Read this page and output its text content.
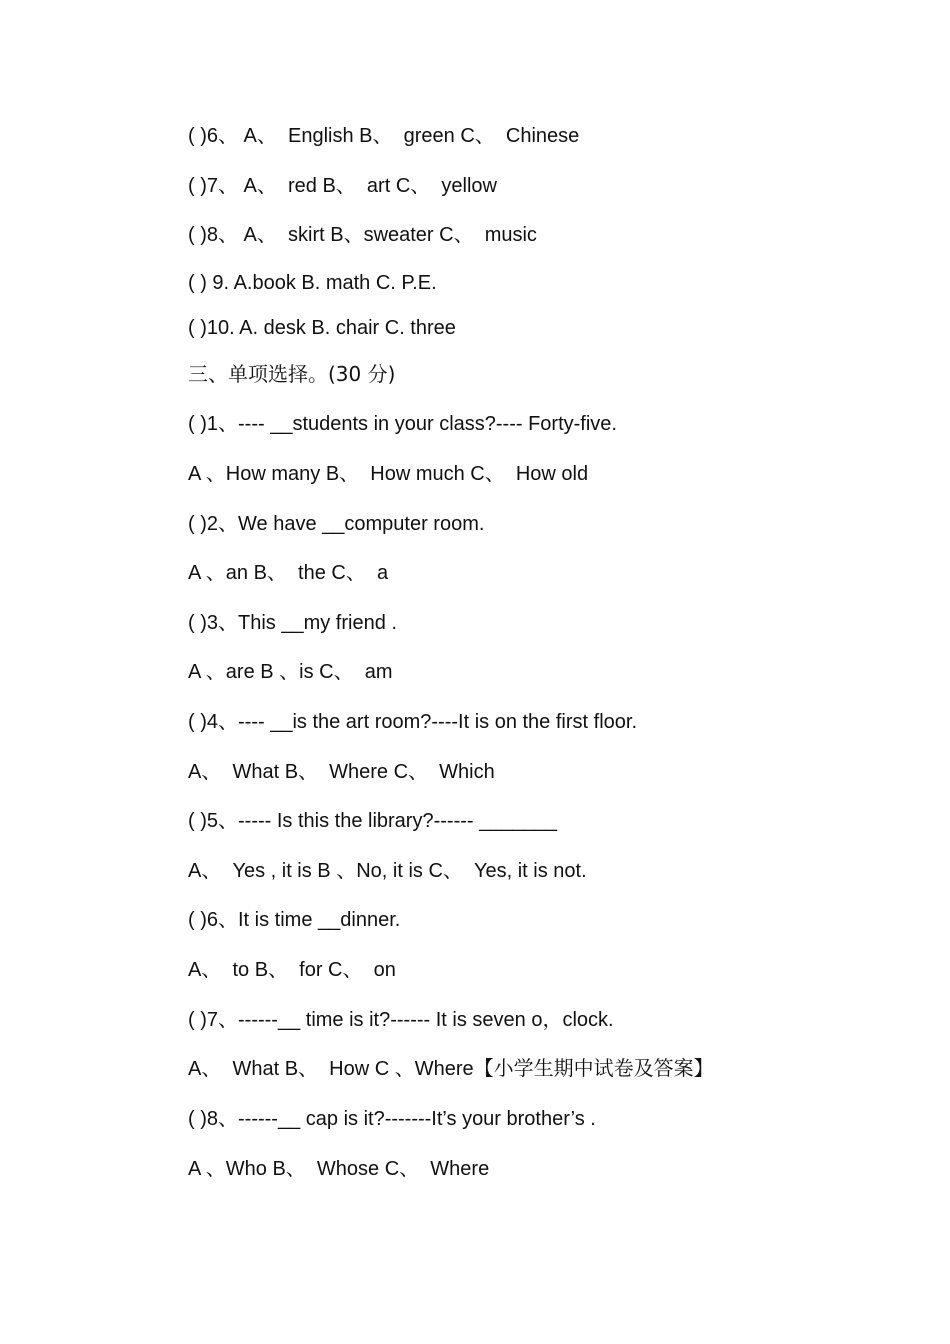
( )6、 A、  English B、  green C、  Chinese
( )7、 A、  red B、  art C、  yellow
( )8、 A、  skirt B、sweater C、  music
( ) 9. A.book B. math C. P.E.
( )10. A. desk B. chair C. three
三、单项选择。(30 分)
( )1、---- __students in your class?---- Forty-five.
A 、How many B、  How much C、  How old
( )2、We have __computer room.
A 、an B、  the C、  a
( )3、This __my friend .
A 、are B 、is C、  am
( )4、---- __is the art room?----It is on the first floor.
A、  What B、  Where C、  Which
( )5、----- Is this the library?------ _______
A、  Yes , it is B 、No, it is C、  Yes, it is not.
( )6、It is time __dinner.
A、  to B、  for C、  on
( )7、------__ time is it?------ It is seven o，clock.
A、  What B、  How C 、Where【小学生期中试卷及答案】
( )8、------__ cap is it?-------It’s your brother’s .
A 、Who B、  Whose C、  Where
